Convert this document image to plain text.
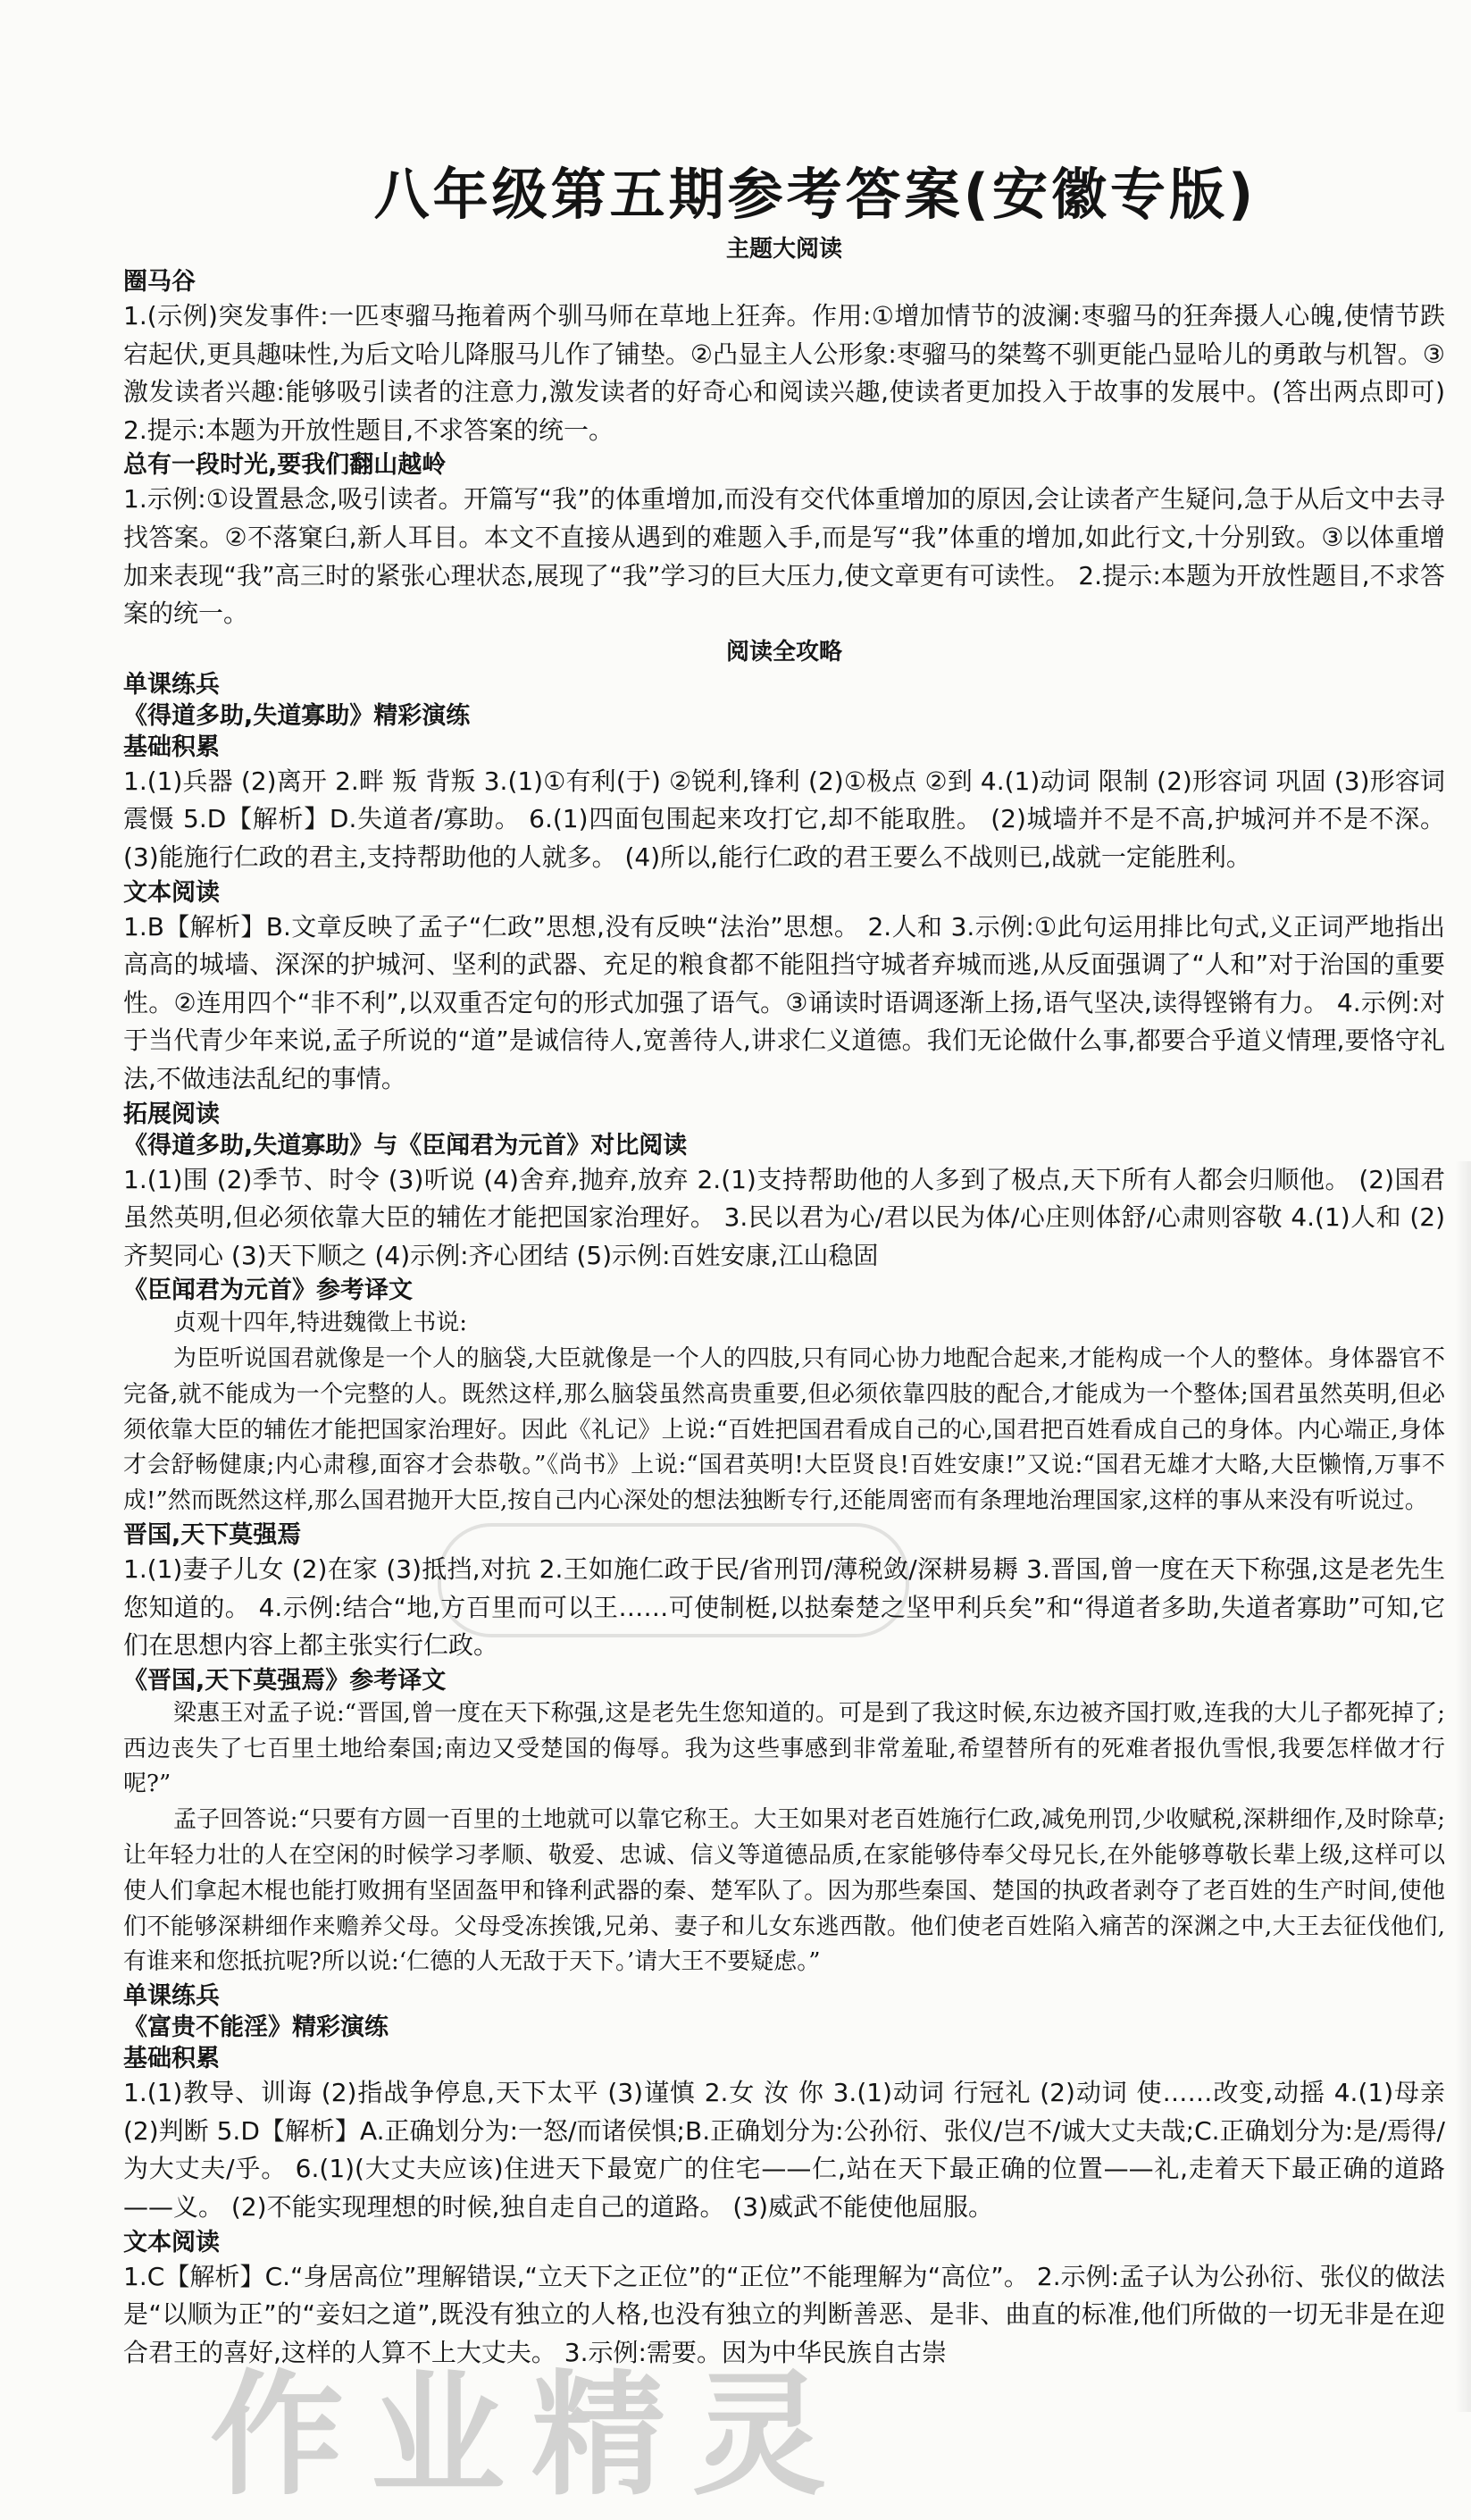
八年级第五期参考答案(安徽专版)
主题大阅读

圈马谷

1.(示例)突发事件:一匹枣骝马拖着两个驯马师在草地上狂奔。作用:①增加情节的波澜:枣骝马的狂奔摄人心魄,使情节跌宕起伏,更具趣味性,为后文哈儿降服马儿作了铺垫。②凸显主人公形象:枣骝马的桀骜不驯更能凸显哈儿的勇敢与机智。③激发读者兴趣:能够吸引读者的注意力,激发读者的好奇心和阅读兴趣,使读者更加投入于故事的发展中。(答出两点即可) 2.提示:本题为开放性题目,不求答案的统一。

总有一段时光,要我们翻山越岭

1.示例:①设置悬念,吸引读者。开篇写“我”的体重增加,而没有交代体重增加的原因,会让读者产生疑问,急于从后文中去寻找答案。②不落窠臼,新人耳目。本文不直接从遇到的难题入手,而是写“我”体重的增加,如此行文,十分别致。③以体重增加来表现“我”高三时的紧张心理状态,展现了“我”学习的巨大压力,使文章更有可读性。 2.提示:本题为开放性题目,不求答案的统一。

阅读全攻略

单课练兵

《得道多助,失道寡助》精彩演练

基础积累

1.(1)兵器 (2)离开 2.畔 叛 背叛 3.(1)①有利(于) ②锐利,锋利 (2)①极点 ②到 4.(1)动词 限制 (2)形容词 巩固 (3)形容词 震慑 5.D【解析】D.失道者/寡助。 6.(1)四面包围起来攻打它,却不能取胜。 (2)城墙并不是不高,护城河并不是不深。 (3)能施行仁政的君主,支持帮助他的人就多。 (4)所以,能行仁政的君王要么不战则已,战就一定能胜利。

文本阅读

1.B【解析】B.文章反映了孟子“仁政”思想,没有反映“法治”思想。 2.人和 3.示例:①此句运用排比句式,义正词严地指出高高的城墙、深深的护城河、坚利的武器、充足的粮食都不能阻挡守城者弃城而逃,从反面强调了“人和”对于治国的重要性。②连用四个“非不利”,以双重否定句的形式加强了语气。③诵读时语调逐渐上扬,语气坚决,读得铿锵有力。 4.示例:对于当代青少年来说,孟子所说的“道”是诚信待人,宽善待人,讲求仁义道德。我们无论做什么事,都要合乎道义情理,要恪守礼法,不做违法乱纪的事情。

拓展阅读

《得道多助,失道寡助》与《臣闻君为元首》对比阅读

1.(1)围 (2)季节、时令 (3)听说 (4)舍弃,抛弃,放弃 2.(1)支持帮助他的人多到了极点,天下所有人都会归顺他。 (2)国君虽然英明,但必须依靠大臣的辅佐才能把国家治理好。 3.民以君为心/君以民为体/心庄则体舒/心肃则容敬 4.(1)人和 (2)齐契同心 (3)天下顺之 (4)示例:齐心团结 (5)示例:百姓安康,江山稳固

《臣闻君为元首》参考译文

贞观十四年,特进魏徵上书说:

为臣听说国君就像是一个人的脑袋,大臣就像是一个人的四肢,只有同心协力地配合起来,才能构成一个人的整体。身体器官不完备,就不能成为一个完整的人。既然这样,那么脑袋虽然高贵重要,但必须依靠四肢的配合,才能成为一个整体;国君虽然英明,但必须依靠大臣的辅佐才能把国家治理好。因此《礼记》上说:“百姓把国君看成自己的心,国君把百姓看成自己的身体。内心端正,身体才会舒畅健康;内心肃穆,面容才会恭敬。”《尚书》上说:“国君英明!大臣贤良!百姓安康!”又说:“国君无雄才大略,大臣懒惰,万事不成!”然而既然这样,那么国君抛开大臣,按自己内心深处的想法独断专行,还能周密而有条理地治理国家,这样的事从来没有听说过。

晋国,天下莫强焉

1.(1)妻子儿女 (2)在家 (3)抵挡,对抗 2.王如施仁政于民/省刑罚/薄税敛/深耕易耨 3.晋国,曾一度在天下称强,这是老先生您知道的。 4.示例:结合“地,方百里而可以王……可使制梃,以挞秦楚之坚甲利兵矣”和“得道者多助,失道者寡助”可知,它们在思想内容上都主张实行仁政。

《晋国,天下莫强焉》参考译文

梁惠王对孟子说:“晋国,曾一度在天下称强,这是老先生您知道的。可是到了我这时候,东边被齐国打败,连我的大儿子都死掉了;西边丧失了七百里土地给秦国;南边又受楚国的侮辱。我为这些事感到非常羞耻,希望替所有的死难者报仇雪恨,我要怎样做才行呢?”

孟子回答说:“只要有方圆一百里的土地就可以靠它称王。大王如果对老百姓施行仁政,减免刑罚,少收赋税,深耕细作,及时除草;让年轻力壮的人在空闲的时候学习孝顺、敬爱、忠诚、信义等道德品质,在家能够侍奉父母兄长,在外能够尊敬长辈上级,这样可以使人们拿起木棍也能打败拥有坚固盔甲和锋利武器的秦、楚军队了。因为那些秦国、楚国的执政者剥夺了老百姓的生产时间,使他们不能够深耕细作来赡养父母。父母受冻挨饿,兄弟、妻子和儿女东逃西散。他们使老百姓陷入痛苦的深渊之中,大王去征伐他们,有谁来和您抵抗呢?所以说:‘仁德的人无敌于天下。’请大王不要疑虑。”

单课练兵

《富贵不能淫》精彩演练

基础积累

1.(1)教导、训诲 (2)指战争停息,天下太平 (3)谨慎 2.女 汝 你 3.(1)动词 行冠礼 (2)动词 使……改变,动摇 4.(1)母亲 (2)判断 5.D【解析】A.正确划分为:一怒/而诸侯惧;B.正确划分为:公孙衍、张仪/岂不/诚大丈夫哉;C.正确划分为:是/焉得/为大丈夫/乎。 6.(1)(大丈夫应该)住进天下最宽广的住宅——仁,站在天下最正确的位置——礼,走着天下最正确的道路——义。 (2)不能实现理想的时候,独自走自己的道路。 (3)威武不能使他屈服。

文本阅读

1.C【解析】C.“身居高位”理解错误,“立天下之正位”的“正位”不能理解为“高位”。 2.示例:孟子认为公孙衍、张仪的做法是“以顺为正”的“妾妇之道”,既没有独立的人格,也没有独立的判断善恶、是非、曲直的标准,他们所做的一切无非是在迎合君王的喜好,这样的人算不上大丈夫。 3.示例:需要。因为中华民族自古崇

作业精灵
